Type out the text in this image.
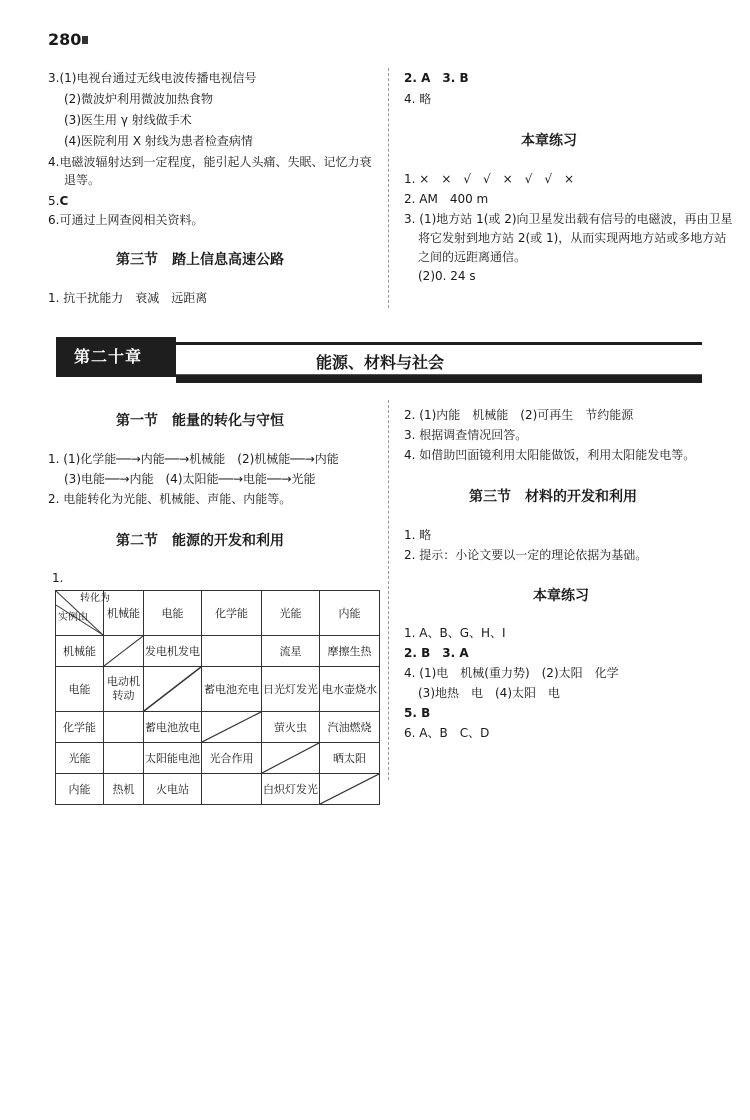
280
3.(1)电视台通过无线电波传播电视信号
(2)微波炉利用微波加热食物
(3)医生用 γ 射线做手术
(4)医院利用 X 射线为患者检查病情
4.电磁波辐射达到一定程度，能引起人头痛、失眠、记忆力衰
退等。
5.C
6.可通过上网查阅相关资料。
第三节　踏上信息高速公路
1. 抗干扰能力　衰减　远距离
2. A　3. B
4. 略
本章练习
1. ×　×　√　√　×　√　√　×
2. AM　400 m
3. (1)地方站 1(或 2)向卫星发出载有信号的电磁波，再由卫星
将它发射到地方站 2(或 1)，从而实现两地方站或多地方站
之间的远距离通信。
(2)0. 24 s
第二十章	能源、材料与社会
第一节　能量的转化与守恒
1. (1)化学能──→内能──→机械能　(2)机械能──→内能
(3)电能──→内能　(4)太阳能──→电能──→光能
2. 电能转化为光能、机械能、声能、内能等。
第二节　能源的开发和利用
1.
转化为
实例由	机械能	电能	化学能	光能	内能
机械能		发电机发电		流星	摩擦生热
电能	电动机转动		蓄电池充电	日光灯发光	电水壶烧水
化学能		蓄电池放电		萤火虫	汽油燃烧
光能		太阳能电池	光合作用		晒太阳
内能	热机	火电站		白炽灯发光	
2. (1)内能　机械能　(2)可再生　节约能源
3. 根据调查情况回答。
4. 如借助凹面镜利用太阳能做饭，利用太阳能发电等。
第三节　材料的开发和利用
1. 略
2. 提示：小论文要以一定的理论依据为基础。
本章练习
1. A、B、G、H、I
2. B　3. A
4. (1)电　机械(重力势)　(2)太阳　化学
(3)地热　电　(4)太阳　电
5. B
6. A、B　C、D
